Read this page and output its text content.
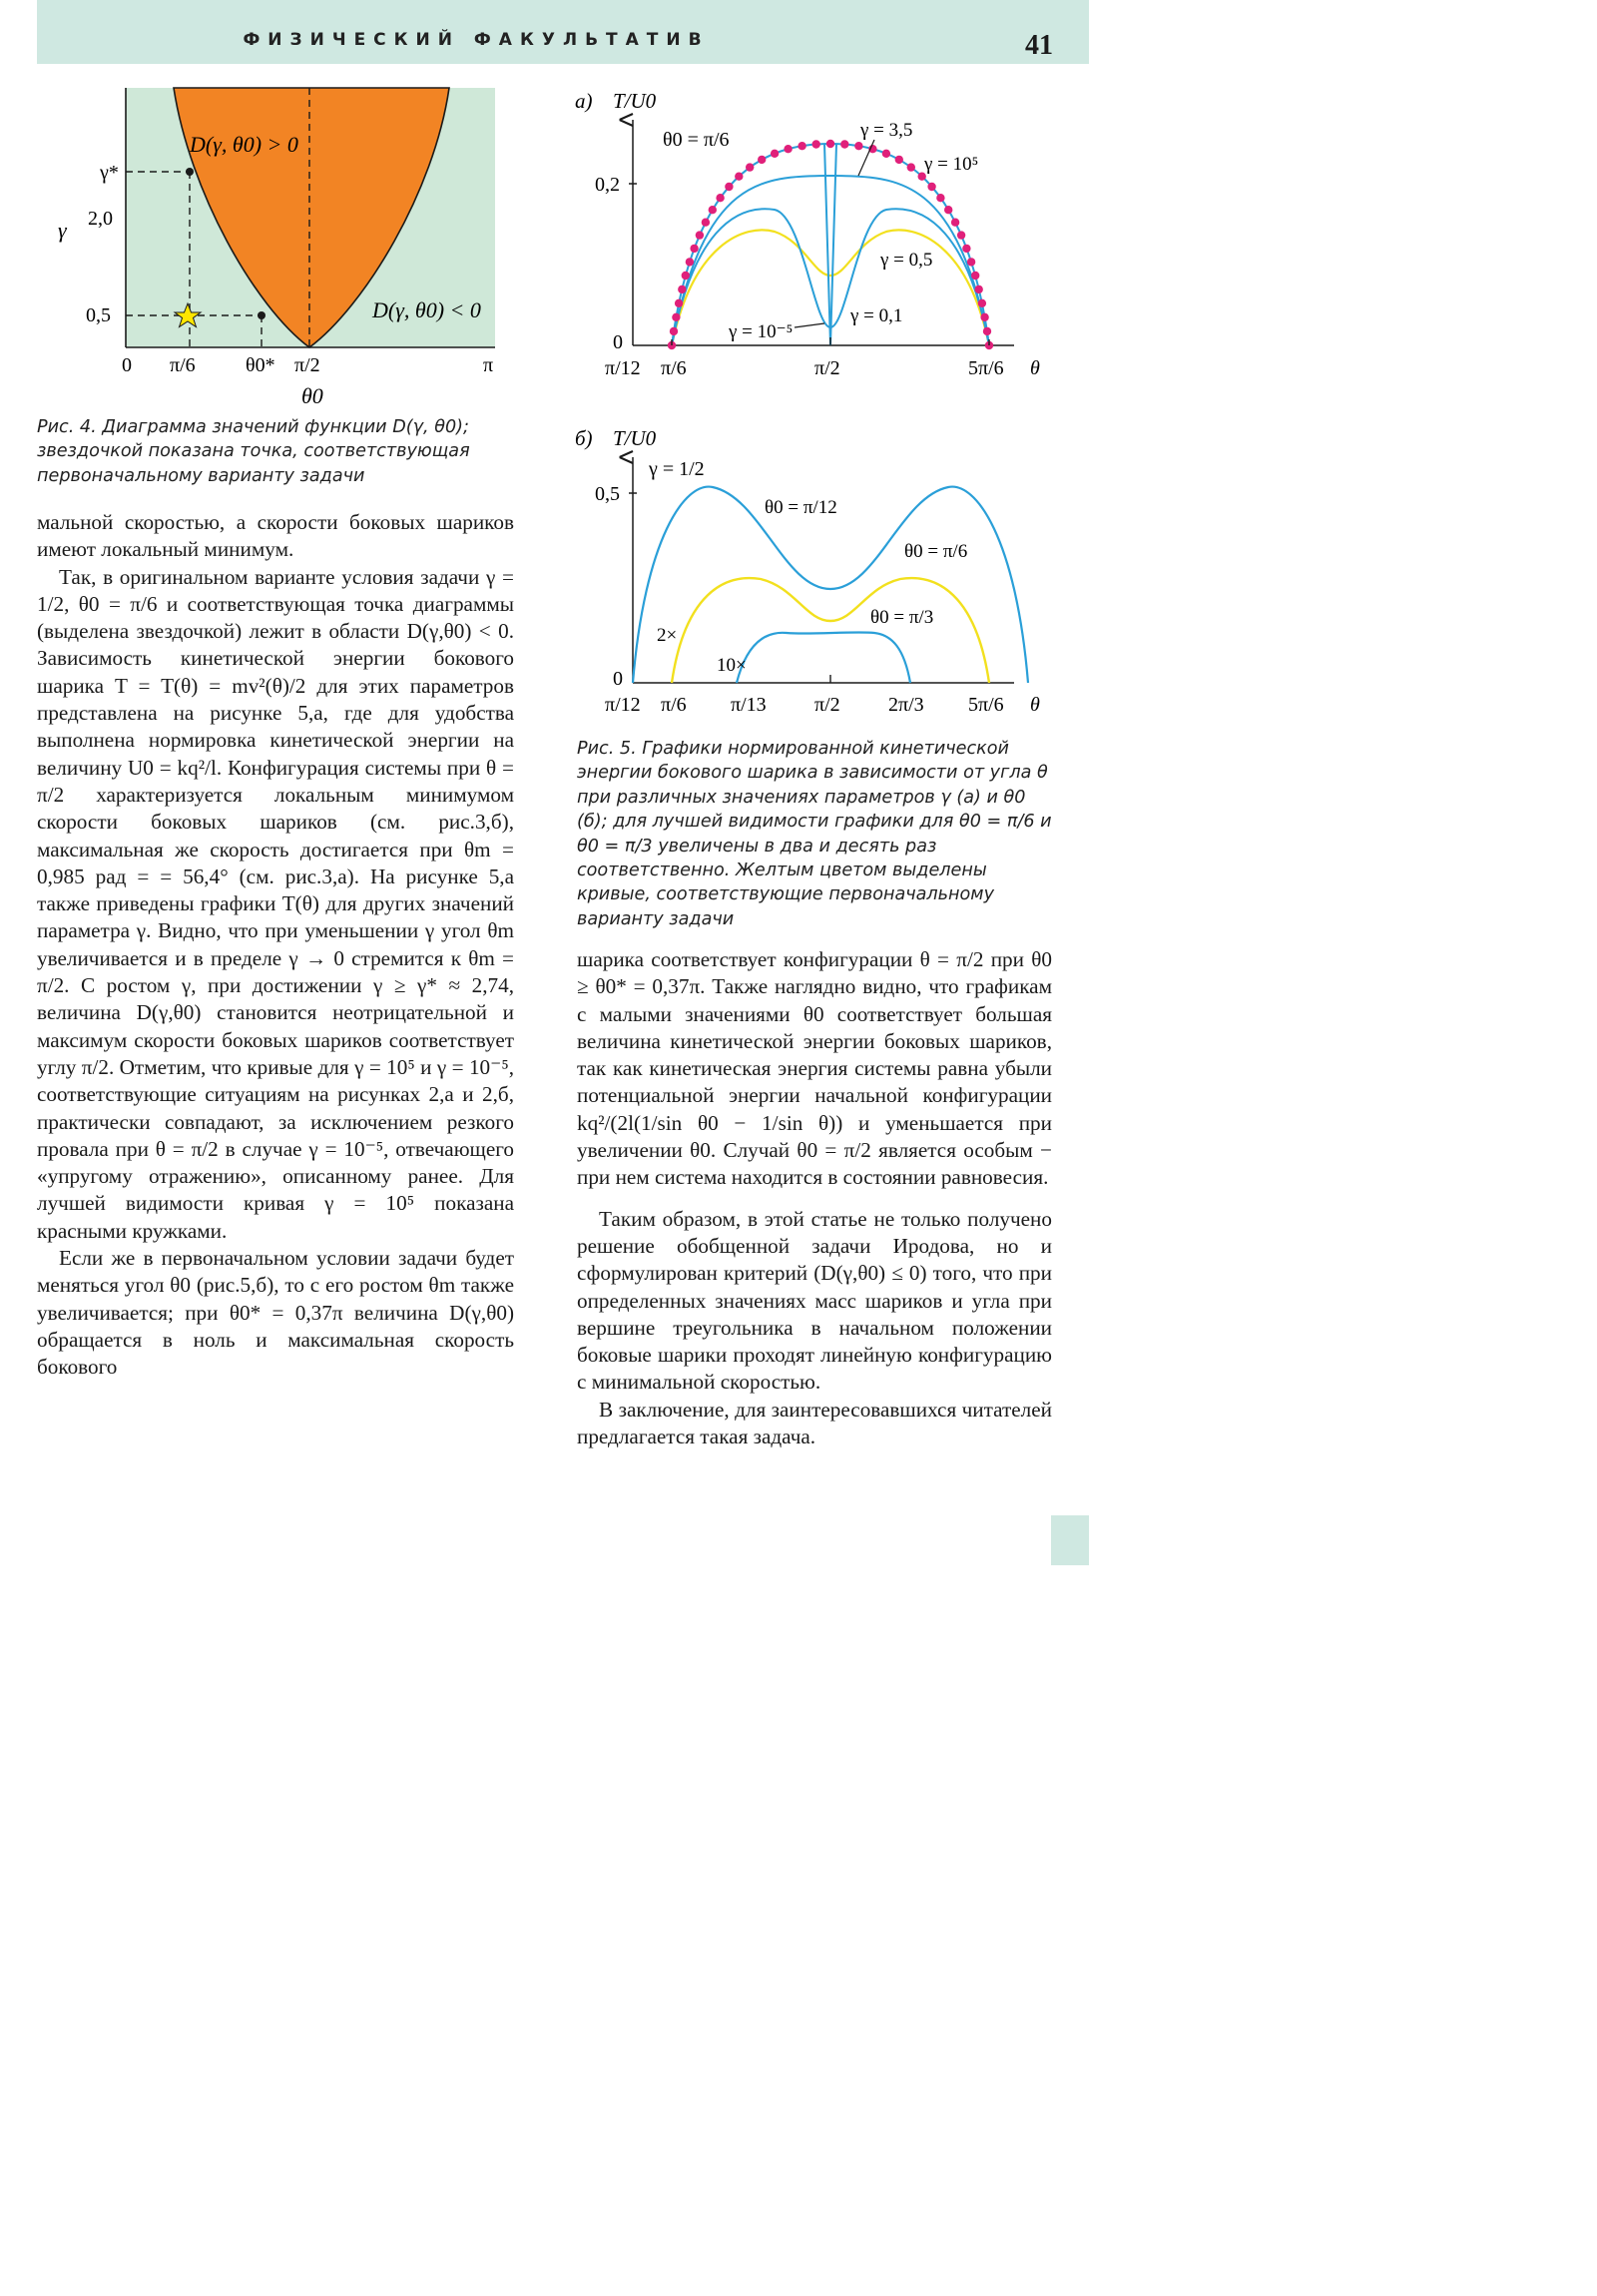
ФИЗИЧЕСКИЙ ФАКУЛЬТАТИВ	41
D(γ, θ0) > 0
D(γ, θ0) < 0
γ*
2,0
0,5
γ
0 π/6	θ0* π/2	π
θ0
Рис. 4. Диаграмма значений функции D(γ, θ0); звездочкой показана точка, соответствующая первоначальному варианту задачи

мальной скоростью, а скорости боковых шариков имеют локальный минимум.

Так, в оригинальном варианте условия задачи γ = 1/2, θ0 = π/6 и соответствующая точка диаграммы (выделена звездочкой) лежит в области D(γ,θ0) < 0. Зависимость кинетической энергии бокового шарика T = T(θ) = mv²(θ)/2 для этих параметров представлена на рисунке 5,а, где для удобства выполнена нормировка кинетической энергии на величину U0 = kq²/l. Конфигурация системы при θ = π/2 характеризуется локальным минимумом скорости боковых шариков (см. рис.3,б), максимальная же скорость достигается при θm = 0,985 рад = = 56,4° (см. рис.3,а). На рисунке 5,а также приведены графики T(θ) для других значений параметра γ. Видно, что при уменьшении γ угол θm увеличивается и в пределе γ → 0 стремится к θm = π/2. С ростом γ, при достижении γ ≥ γ* ≈ 2,74, величина D(γ,θ0) становится неотрицательной и максимум скорости боковых шариков соответствует углу π/2. Отметим, что кривые для γ = 10⁵ и γ = 10⁻⁵, соответствующие ситуациям на рисунках 2,а и 2,б, практически совпадают, за исключением резкого провала при θ = π/2 в случае γ = 10⁻⁵, отвечающего «упругому отражению», описанному ранее. Для лучшей видимости кривая γ = 10⁵ показана красными кружками.

Если же в первоначальном условии задачи будет меняться угол θ0 (рис.5,б), то с его ростом θm также увеличивается; при θ0* = 0,37π величина D(γ,θ0) обращается в ноль и максимальная скорость бокового

а) T/U0
θ0 = π/6
0,2
0
π/12 π/6	π/2	5π/6 θ
γ = 3,5
γ = 10⁵
γ = 0,5
γ = 0,1
γ = 10⁻⁵
б) T/U0
γ = 1/2
0,5
0
π/12 π/6 π/13 π/2 2π/3 5π/6 θ
θ0 = π/12
θ0 = π/6
θ0 = π/3
2×
10×
Рис. 5. Графики нормированной кинетической энергии бокового шарика в зависимости от угла θ при различных значениях параметров γ (а) и θ0 (б); для лучшей видимости графики для θ0 = π/6 и θ0 = π/3 увеличены в два и десять раз соответственно. Желтым цветом выделены кривые, соответствующие первоначальному варианту задачи

шарика соответствует конфигурации θ = π/2 при θ0 ≥ θ0* = 0,37π. Также наглядно видно, что графикам с малыми значениями θ0 соответствует большая величина кинетической энергии боковых шариков, так как кинетическая энергия системы равна убыли потенциальной энергии начальной конфигурации kq²/(2l(1/sin θ0 − 1/sin θ)) и уменьшается при увеличении θ0. Случай θ0 = π/2 является особым − при нем система находится в состоянии равновесия.

Таким образом, в этой статье не только получено решение обобщенной задачи Иродова, но и сформулирован критерий (D(γ,θ0) ≤ 0) того, что при определенных значениях масс шариков и угла при вершине треугольника в начальном положении боковые шарики проходят линейную конфигурацию с минимальной скоростью.

В заключение, для заинтересовавшихся читателей предлагается такая задача.
